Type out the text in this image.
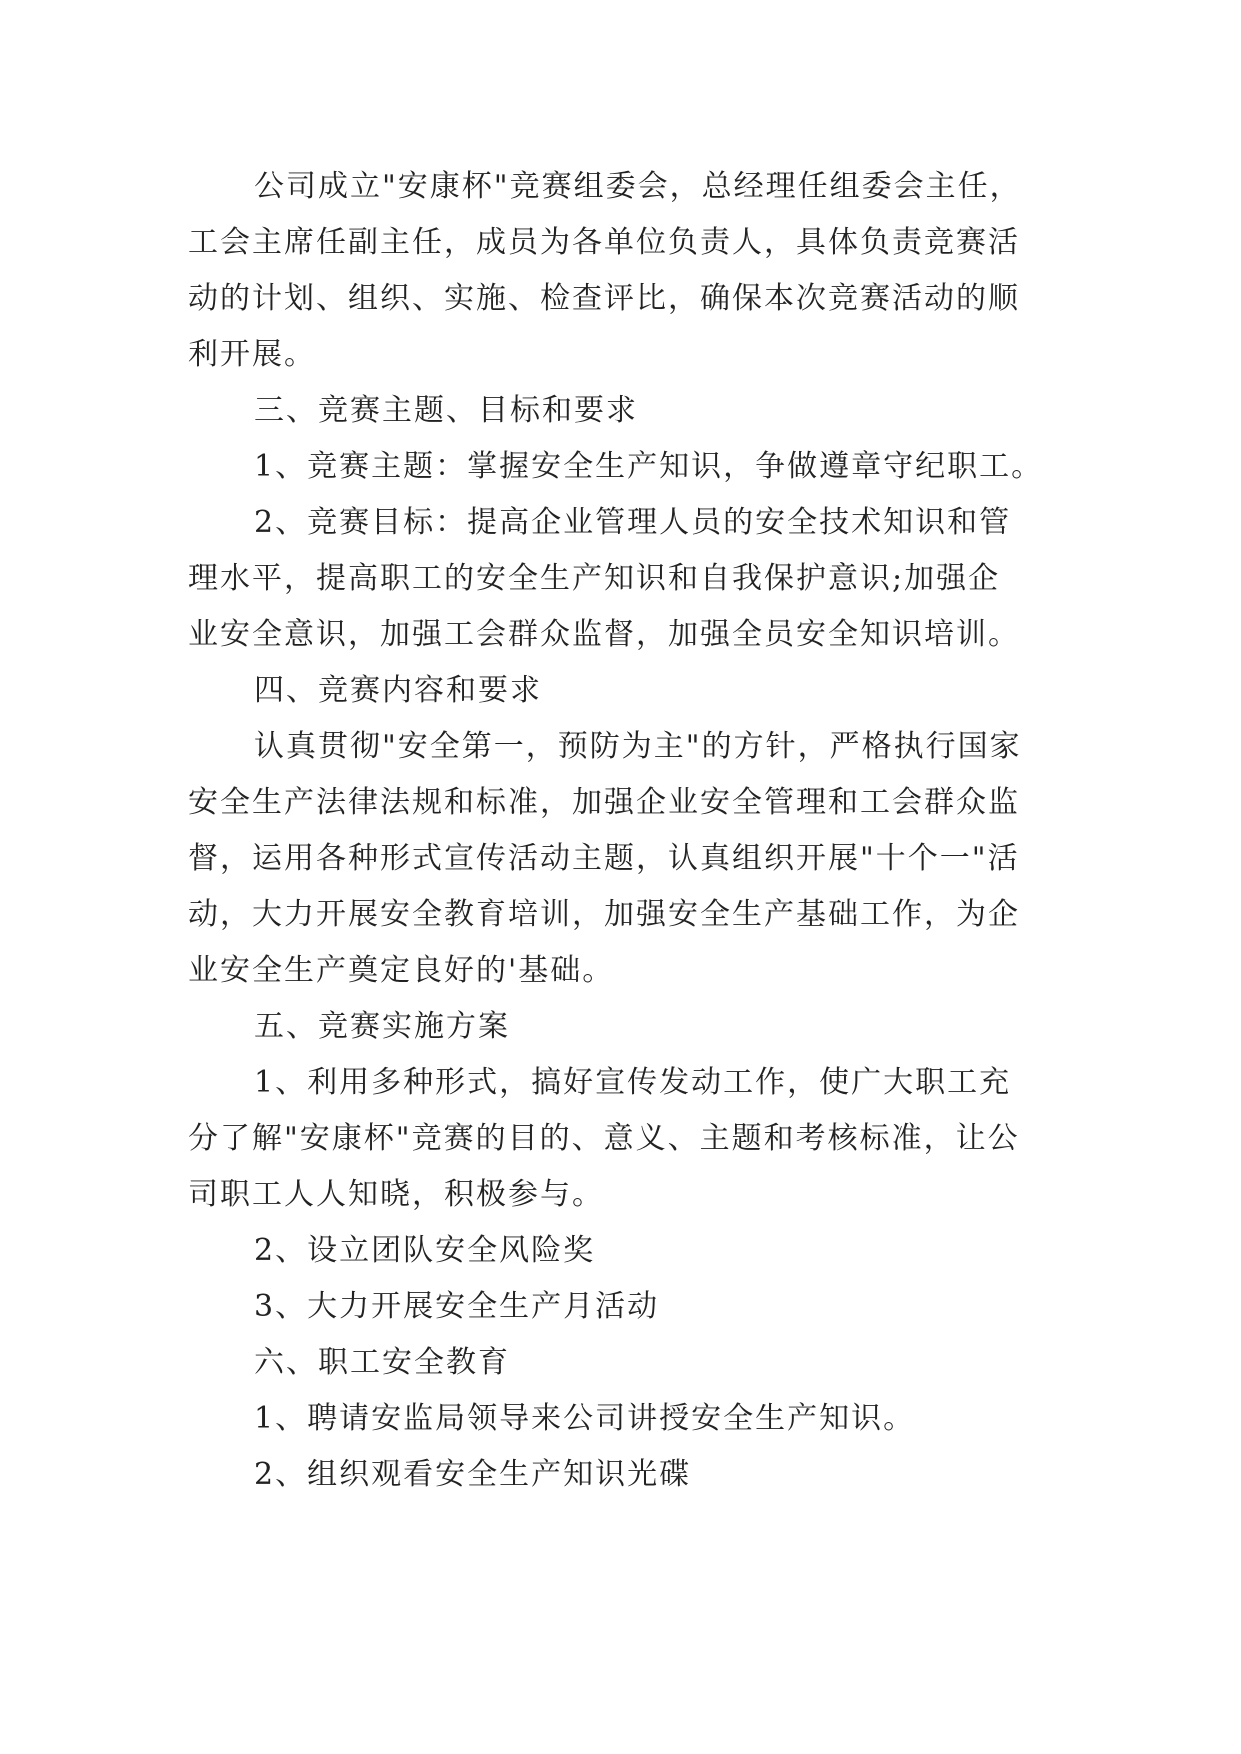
公司成立"安康杯"竞赛组委会，总经理任组委会主任，

工会主席任副主任，成员为各单位负责人，具体负责竞赛活

动的计划、组织、实施、检查评比，确保本次竞赛活动的顺

利开展。

三、竞赛主题、目标和要求

1、竞赛主题：掌握安全生产知识，争做遵章守纪职工。

2、竞赛目标：提高企业管理人员的安全技术知识和管

理水平，提高职工的安全生产知识和自我保护意识;加强企

业安全意识，加强工会群众监督，加强全员安全知识培训。

四、竞赛内容和要求

认真贯彻"安全第一，预防为主"的方针，严格执行国家

安全生产法律法规和标准，加强企业安全管理和工会群众监

督，运用各种形式宣传活动主题，认真组织开展"十个一"活

动，大力开展安全教育培训，加强安全生产基础工作，为企

业安全生产奠定良好的'基础。

五、竞赛实施方案

1、利用多种形式，搞好宣传发动工作，使广大职工充

分了解"安康杯"竞赛的目的、意义、主题和考核标准，让公

司职工人人知晓，积极参与。

2、设立团队安全风险奖

3、大力开展安全生产月活动

六、职工安全教育

1、聘请安监局领导来公司讲授安全生产知识。

2、组织观看安全生产知识光碟
